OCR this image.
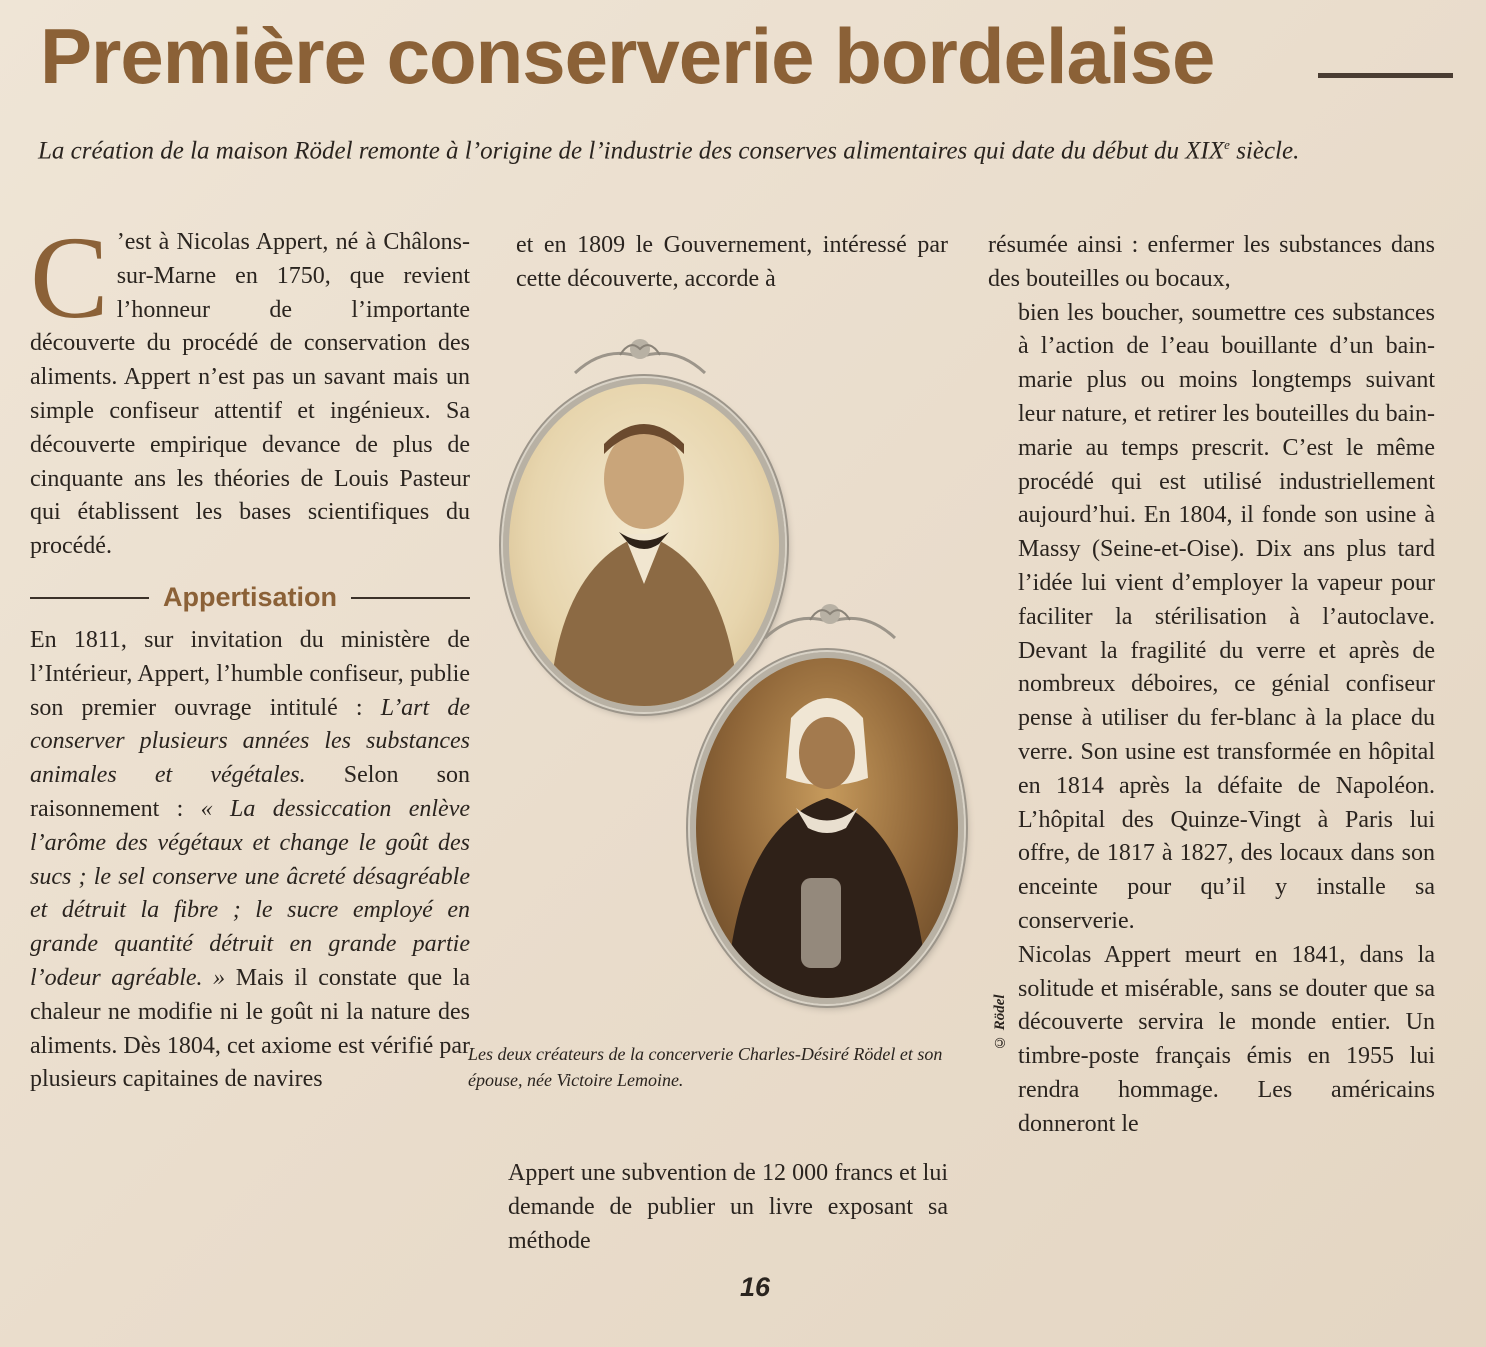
Première conserverie bordelaise
La création de la maison Rödel remonte à l’origine de l’industrie des conserves alimentaires qui date du début du XIXe siècle.

C ’est à Nicolas Appert, né à Châlons-sur-Marne en 1750, que revient l’honneur de l’importante découverte du procédé de conservation des aliments. Appert n’est pas un savant mais un simple confiseur attentif et ingénieux. Sa découverte empirique devance de plus de cinquante ans les théories de Louis Pasteur qui établissent les bases scientifiques du procédé.

Appertisation

En 1811, sur invitation du ministère de l’Intérieur, Appert, l’humble confiseur, publie son premier ouvrage intitulé : L’art de conserver plusieurs années les substances animales et végétales. Selon son raisonnement : « La dessiccation enlève l’arôme des végétaux et change le goût des sucs ; le sel conserve une âcreté désagréable et détruit la fibre ; le sucre employé en grande quantité détruit en grande partie l’odeur agréable. » Mais il constate que la chaleur ne modifie ni le goût ni la nature des aliments. Dès 1804, cet axiome est vérifié par plusieurs capitaines de navires

et en 1809 le Gouvernement, intéressé par cette découverte, accorde à

Les deux créateurs de la concerverie Charles-Désiré Rödel et son épouse, née Victoire Lemoine.
© Rödel

Appert une subvention de 12 000 francs et lui demande de publier un livre exposant sa méthode

résumée ainsi : enfermer les substances dans des bouteilles ou bocaux,

bien les boucher, soumettre ces substances à l’action de l’eau bouillante d’un bain-marie plus ou moins longtemps suivant leur nature, et retirer les bouteilles du bain-marie au temps prescrit. C’est le même procédé qui est utilisé industriellement aujourd’hui. En 1804, il fonde son usine à Massy (Seine-et-Oise). Dix ans plus tard l’idée lui vient d’employer la vapeur pour faciliter la stérilisation à l’autoclave. Devant la fragilité du verre et après de nombreux déboires, ce génial confiseur pense à utiliser du fer-blanc à la place du verre. Son usine est transformée en hôpital en 1814 après la défaite de Napoléon. L’hôpital des Quinze-Vingt à Paris lui offre, de 1817 à 1827, des locaux dans son enceinte pour qu’il y installe sa conserverie.

Nicolas Appert meurt en 1841, dans la solitude et misérable, sans se douter que sa découverte servira le monde entier. Un timbre-poste français émis en 1955 lui rendra hommage. Les américains donneront le

16
